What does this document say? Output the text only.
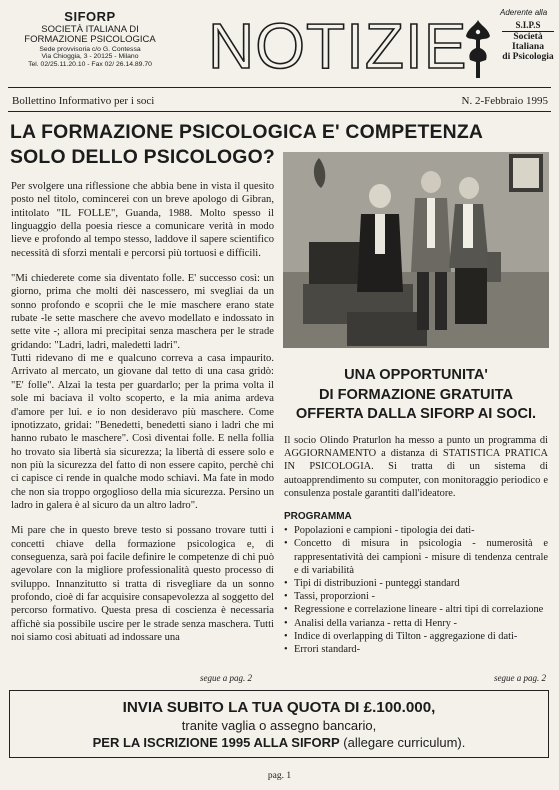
SIFORP
SOCIETÀ ITALIANA DI
FORMAZIONE PSICOLOGICA
Sede provvisoria c/o G. Contessa
Via Chioggia, 3 - 20125 - Milano
Tel. 02/25.11.20.10 - Fax 02/ 26.14.89.70 NOTIZIE	Aderente alla
S.I.P.S
Società
Italiana
di Psicologia
Bollettino Informativo per i soci	N. 2-Febbraio 1995
LA FORMAZIONE PSICOLOGICA E' COMPETENZA
SOLO DELLO PSICOLOGO?

Per svolgere una riflessione che abbia bene in vista il quesito posto nel titolo, comincerei con un breve apologo di Gibran, intitolato "IL FOLLE", Guanda, 1988. Molto spesso il linguaggio della poesia riesce a comunicare verità in modo lieve e profondo al tempo stesso, laddove il sapere scientifico necessità di sforzi mentali e percorsi più tortuosi e difficili.

"Mi chiederete come sia diventato folle. E' successo così: un giorno, prima che molti dèi nascessero, mi svegliai da un sonno profondo e scoprii che le mie maschere erano state rubate -le sette maschere che avevo modellato e indossato in sette vite -; allora mi precipitai senza maschera per le strade gridando: "Ladri, ladri, maledetti ladri".

Tutti ridevano di me e qualcuno correva a casa impaurito. Arrivato al mercato, un giovane dal tetto di una casa gridò: "E' folle". Alzai la testa per guardarlo; per la prima volta il sole mi baciava il volto scoperto, e la mia anima ardeva d'amore per lui. e io non desideravo più maschere. Come ipnotizzato, gridai: "Benedetti, benedetti siano i ladri che mi hanno rubato le maschere". Così diventai folle. E nella follia ho trovato sia libertà sia sicurezza; la libertà di essere solo e non più la sicurezza del fatto di non essere capito, perchè chi ci capisce ci rende in qualche modo schiavi. Ma fate in modo che non sia troppo orgoglioso della mia sicurezza. Persino un ladro in galera è al sicuro da un altro ladro".

Mi pare che in questo breve testo si possano trovare tutti i concetti chiave della formazione psicologica e, di conseguenza, sarà poi facile definire le competenze di chi può agevolare con la migliore professionalità questo processo di sviluppo. Innanzitutto si tratta di risvegliare da un sonno profondo, cioè di far acquisire consapevolezza al soggetto del percorso formativo. Questa presa di coscienza è necessaria affichè sia possibile uscire per le strade senza maschera. Tutti noi siamo così abituati ad indossare una

segue a pag. 2
UNA OPPORTUNITA'
DI FORMAZIONE GRATUITA
OFFERTA DALLA SIFORP AI SOCI.

Il socio Olindo Praturlon ha messo a punto un programma di AGGIORNAMENTO a distanza di STATISTICA PRATICA IN PSICOLOGIA. Si tratta di un sistema di autoapprendimento su computer, con monitoraggio periodico e consulenza postale garantiti dall'ideatore.

PROGRAMMA
• Popolazioni e campioni - tipologia dei dati-
• Concetto di misura in psicologia - numerosità e rappresentatività dei campioni - misure di tendenza centrale e di variabilità
• Tipi di distribuzioni - punteggi standard
• Tassi, proporzioni -
• Regressione e correlazione lineare - altri tipi di correlazione
• Analisi della varianza - retta di Henry -
• Indice di overlapping di Tilton - aggregazione di dati-
• Errori standard-
segue a pag. 2
INVIA SUBITO LA TUA QUOTA DI £.100.000,
tranite vaglia o assegno bancario,
PER LA ISCRIZIONE 1995 ALLA SIFORP (allegare curriculum).
pag. 1
